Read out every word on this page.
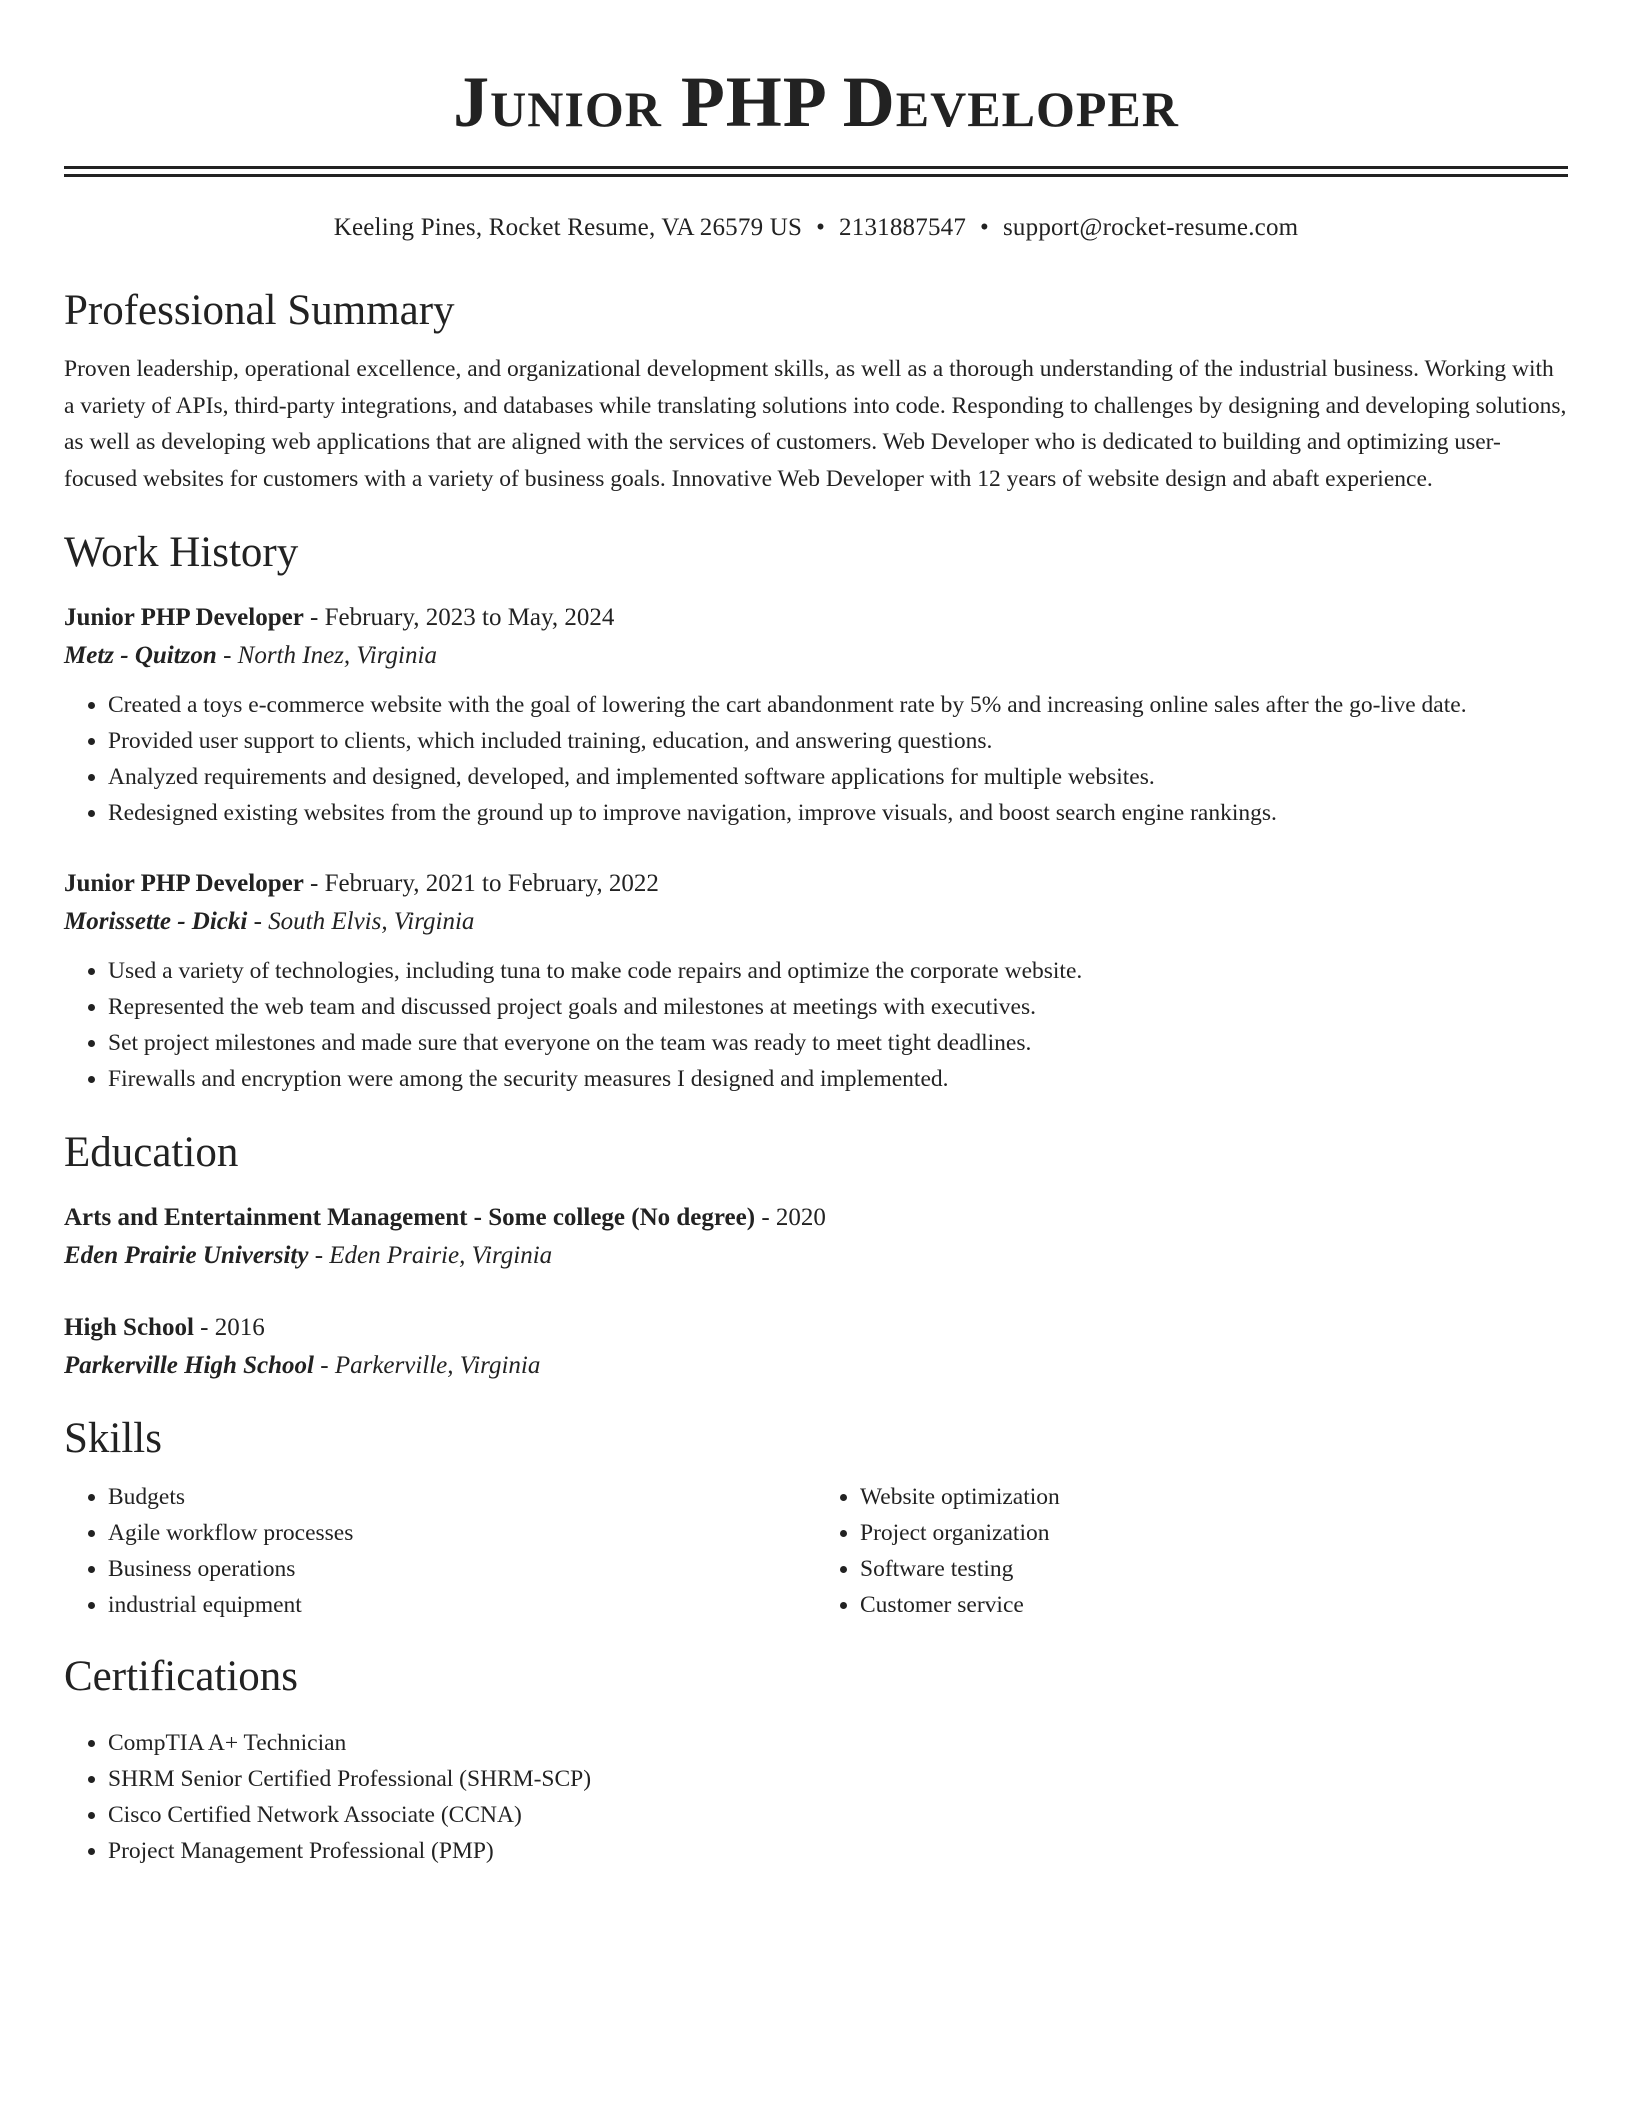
Junior PHP Developer
Keeling Pines, Rocket Resume, VA 26579 US • 2131887547 • support@rocket-resume.com
Professional Summary
Proven leadership, operational excellence, and organizational development skills, as well as a thorough understanding of the industrial business. Working with a variety of APIs, third-party integrations, and databases while translating solutions into code. Responding to challenges by designing and developing solutions, as well as developing web applications that are aligned with the services of customers. Web Developer who is dedicated to building and optimizing user-focused websites for customers with a variety of business goals. Innovative Web Developer with 12 years of website design and abaft experience.
Work History
Junior PHP Developer - February, 2023 to May, 2024
Metz - Quitzon - North Inez, Virginia
• Created a toys e-commerce website with the goal of lowering the cart abandonment rate by 5% and increasing online sales after the go-live date.
• Provided user support to clients, which included training, education, and answering questions.
• Analyzed requirements and designed, developed, and implemented software applications for multiple websites.
• Redesigned existing websites from the ground up to improve navigation, improve visuals, and boost search engine rankings.
Junior PHP Developer - February, 2021 to February, 2022
Morissette - Dicki - South Elvis, Virginia
• Used a variety of technologies, including tuna to make code repairs and optimize the corporate website.
• Represented the web team and discussed project goals and milestones at meetings with executives.
• Set project milestones and made sure that everyone on the team was ready to meet tight deadlines.
• Firewalls and encryption were among the security measures I designed and implemented.
Education
Arts and Entertainment Management - Some college (No degree) - 2020
Eden Prairie University - Eden Prairie, Virginia
High School - 2016
Parkerville High School - Parkerville, Virginia
Skills
• Budgets
• Agile workflow processes
• Business operations
• industrial equipment
• Website optimization
• Project organization
• Software testing
• Customer service
Certifications
• CompTIA A+ Technician
• SHRM Senior Certified Professional (SHRM-SCP)
• Cisco Certified Network Associate (CCNA)
• Project Management Professional (PMP)
